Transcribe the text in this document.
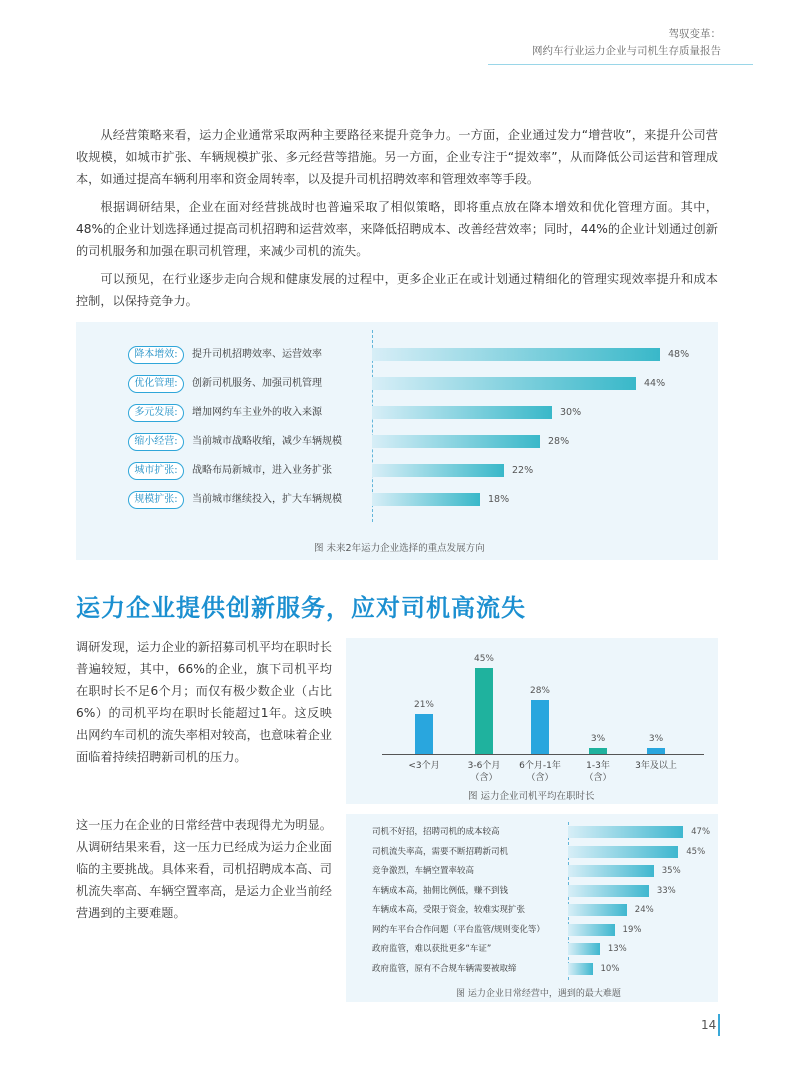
驾驭变革：
网约车行业运力企业与司机生存质量报告

从经营策略来看，运力企业通常采取两种主要路径来提升竞争力。一方面，企业通过发力“增营收”，来提升公司营收规模，如城市扩张、车辆规模扩张、多元经营等措施。另一方面，企业专注于“提效率”，从而降低公司运营和管理成本，如通过提高车辆利用率和资金周转率，以及提升司机招聘效率和管理效率等手段。

根据调研结果，企业在面对经营挑战时也普遍采取了相似策略，即将重点放在降本增效和优化管理方面。其中，48%的企业计划选择通过提高司机招聘和运营效率，来降低招聘成本、改善经营效率；同时，44%的企业计划通过创新的司机服务和加强在职司机管理，来减少司机的流失。

可以预见，在行业逐步走向合规和健康发展的过程中，更多企业正在或计划通过精细化的管理实现效率提升和成本控制，以保持竞争力。

降本增效:	提升司机招聘效率、运营效率	48%
优化管理:	创新司机服务、加强司机管理	44%
多元发展:	增加网约车主业外的收入来源	30%
缩小经营:	当前城市战略收缩，减少车辆规模	28%
城市扩张:	战略布局新城市，进入业务扩张	22%
规模扩张:	当前城市继续投入，扩大车辆规模	18%
图 未来2年运力企业选择的重点发展方向
运力企业提供创新服务，应对司机高流失

调研发现，运力企业的新招募司机平均在职时长普遍较短，其中，66%的企业，旗下司机平均在职时长不足6个月；而仅有极少数企业（占比6%）的司机平均在职时长能超过1年。这反映出网约车司机的流失率相对较高，也意味着企业面临着持续招聘新司机的压力。

这一压力在企业的日常经营中表现得尤为明显。从调研结果来看，这一压力已经成为运力企业面临的主要挑战。具体来看，司机招聘成本高、司机流失率高、车辆空置率高，是运力企业当前经营遇到的主要难题。

21%
<3个月
45%
3-6个月
（含）
28%
6个月-1年
（含）
3%
1-3年
（含）
3%
3年及以上
图 运力企业司机平均在职时长
司机不好招，招聘司机的成本较高	47%
司机流失率高，需要不断招聘新司机	45%
竞争激烈，车辆空置率较高	35%
车辆成本高，抽佣比例低，赚不到钱	33%
车辆成本高，受限于资金，较难实现扩张	24%
网约车平台合作问题（平台监管/规则变化等）	19%
政府监管，难以获批更多“车证”	13%
政府监管，原有不合规车辆需要被取缔	10%
图 运力企业日常经营中，遇到的最大难题
14
